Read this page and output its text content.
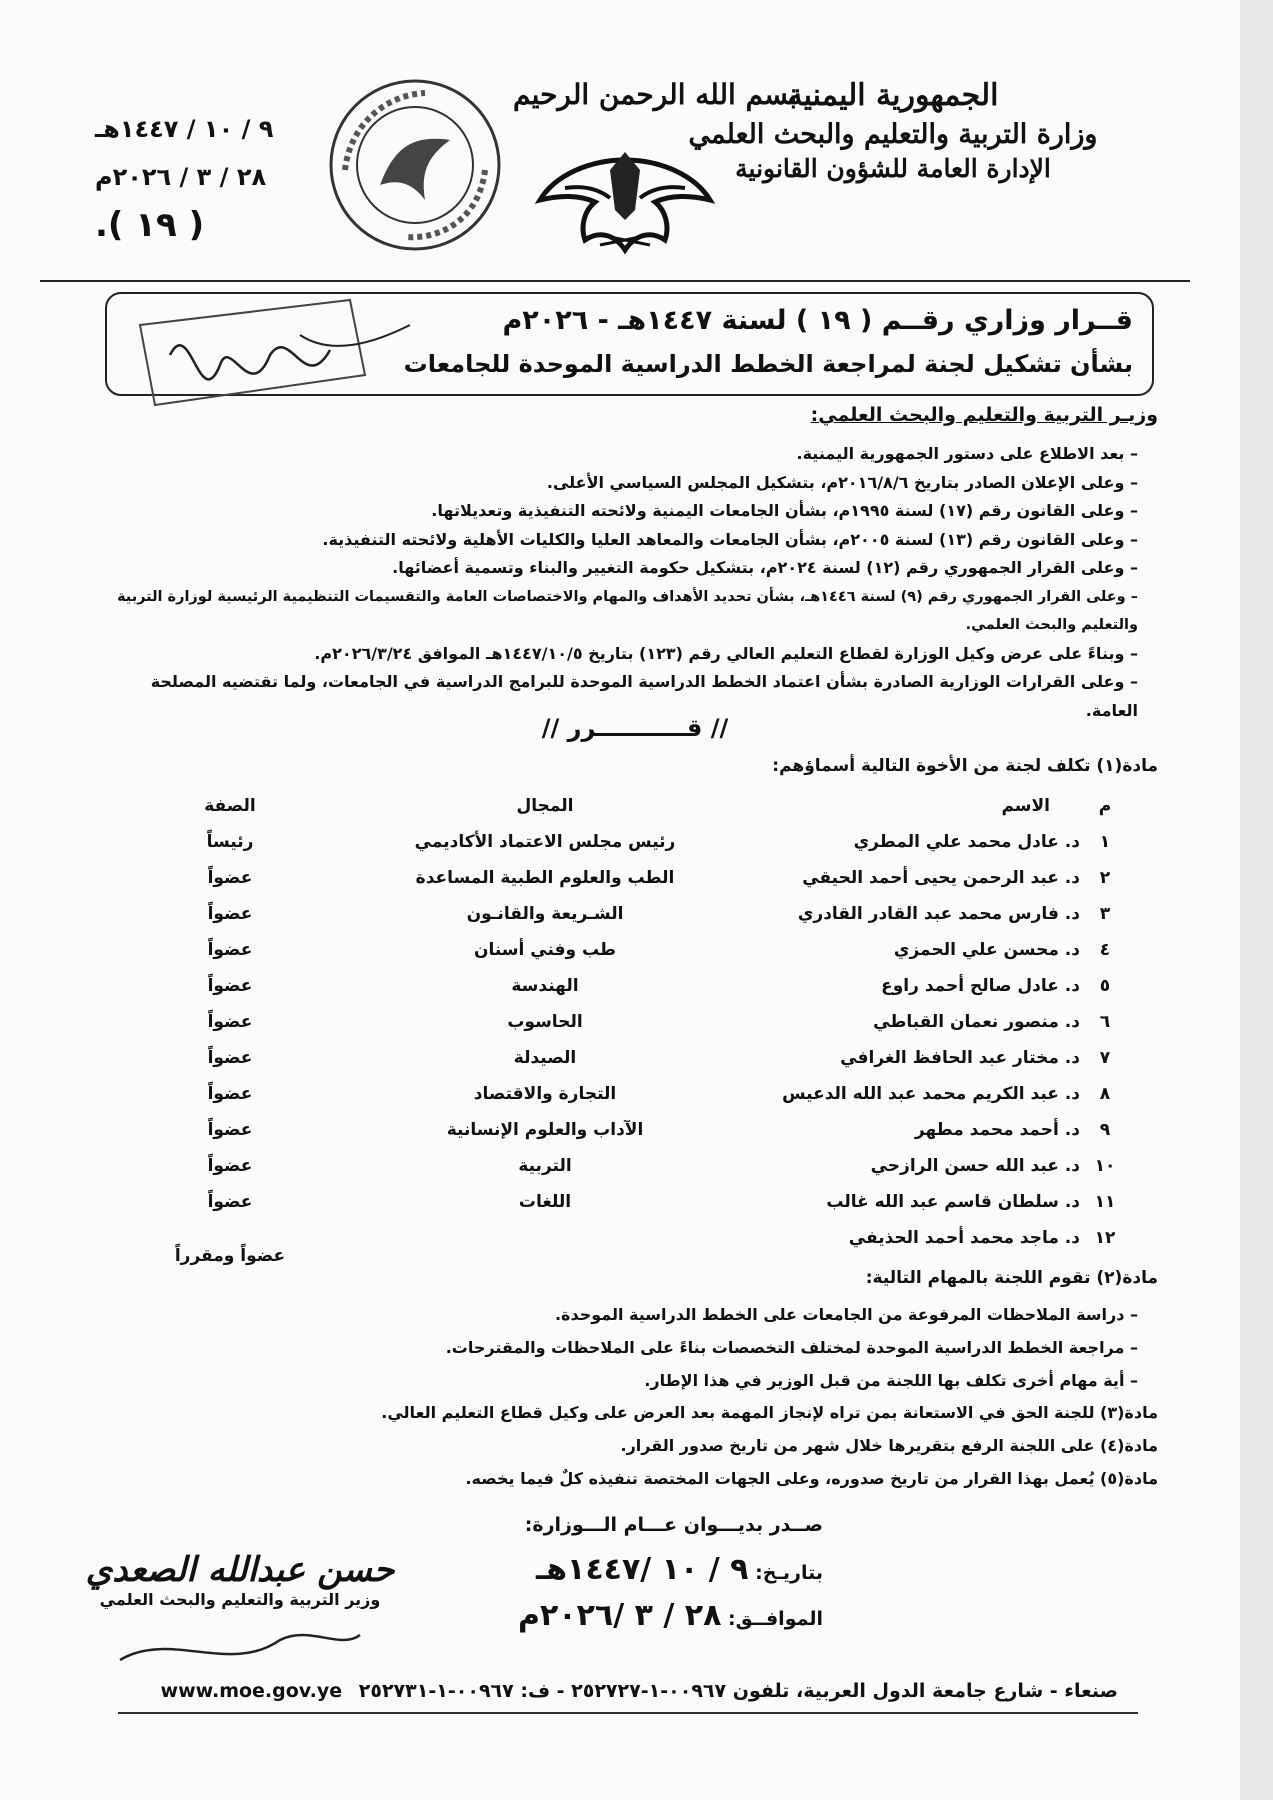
الجمهورية اليمنية
وزارة التربية والتعليم والبحث العلمي
الإدارة العامة للشؤون القانونية
بسم الله الرحمن الرحيم
٩ / ١٠ / ١٤٤٧هـ
٢٨ / ٣ / ٢٠٢٦م
( ١٩ ).
قــرار وزاري رقــم ( ١٩ ) لسنة ١٤٤٧هـ - ٢٠٢٦م
بشأن تشكيل لجنة لمراجعة الخطط الدراسية الموحدة للجامعات
وزيـر التربية والتعليم والبحث العلمي:
– بعد الاطلاع على دستور الجمهورية اليمنية.
– وعلى الإعلان الصادر بتاريخ ٢٠١٦/٨/٦م، بتشكيل المجلس السياسي الأعلى.
– وعلى القانون رقم (١٧) لسنة ١٩٩٥م، بشأن الجامعات اليمنية ولائحته التنفيذية وتعديلاتها.
– وعلى القانون رقم (١٣) لسنة ٢٠٠٥م، بشأن الجامعات والمعاهد العليا والكليات الأهلية ولائحته التنفيذية.
– وعلى القرار الجمهوري رقم (١٢) لسنة ٢٠٢٤م، بتشكيل حكومة التغيير والبناء وتسمية أعضائها.
– وعلى القرار الجمهوري رقم (٩) لسنة ١٤٤٦هـ، بشأن تحديد الأهداف والمهام والاختصاصات العامة والتقسيمات التنظيمية الرئيسية لوزارة التربية والتعليم والبحث العلمي.
– وبناءً على عرض وكيل الوزارة لقطاع التعليم العالي رقم (١٢٣) بتاريخ ١٤٤٧/١٠/٥هـ الموافق ٢٠٢٦/٣/٢٤م.
– وعلى القرارات الوزارية الصادرة بشأن اعتماد الخطط الدراسية الموحدة للبرامج الدراسية في الجامعات، ولما تقتضيه المصلحة العامة.
// قـــــــــــرر //
مادة(١) تكلف لجنة من الأخوة التالية أسماؤهم:
م
الاسم
المجال
الصفة
١
د. عادل محمد علي المطري
رئيس مجلس الاعتماد الأكاديمي
رئيساً
٢
د. عبد الرحمن يحيى أحمد الحيقي
الطب والعلوم الطبية المساعدة
عضواً
٣
د. فارس محمد عبد القادر القادري
الشـريعة والقانـون
عضواً
٤
د. محسن علي الحمزي
طب وفني أسنان
عضواً
٥
د. عادل صالح أحمد راوع
الهندسة
عضواً
٦
د. منصور نعمان القباطي
الحاسوب
عضواً
٧
د. مختار عبد الحافظ الغرافي
الصيدلة
عضواً
٨
د. عبد الكريم محمد عبد الله الدعيس
التجارة والاقتصاد
عضواً
٩
د. أحمد محمد مطهر
الآداب والعلوم الإنسانية
عضواً
١٠
د. عبد الله حسن الرازحي
التربية
عضواً
١١
د. سلطان قاسم عبد الله غالب
اللغات
عضواً
١٢
د. ماجد محمد أحمد الحذيفي
عضواً ومقرراً
مادة(٢) تقوم اللجنة بالمهام التالية:
– دراسة الملاحظات المرفوعة من الجامعات على الخطط الدراسية الموحدة.
– مراجعة الخطط الدراسية الموحدة لمختلف التخصصات بناءً على الملاحظات والمقترحات.
– أية مهام أخرى تكلف بها اللجنة من قبل الوزير في هذا الإطار.
مادة(٣) للجنة الحق في الاستعانة بمن تراه لإنجاز المهمة بعد العرض على وكيل قطاع التعليم العالي.
مادة(٤) على اللجنة الرفع بتقريرها خلال شهر من تاريخ صدور القرار.
مادة(٥) يُعمل بهذا القرار من تاريخ صدوره، وعلى الجهات المختصة تنفيذه كلٌ فيما يخصه.
صــدر بديـــوان عـــام الـــوزارة:
بتاريـخ: ٩ / ١٠ /١٤٤٧هـ
الموافــق: ٢٨ / ٣ /٢٠٢٦م
حسن عبدالله الصعدي
وزير التربية والتعليم والبحث العلمي
صنعاء - شارع جامعة الدول العربية، تلفون ٠٠٩٦٧-١-٢٥٢٧٢٧ - ف: ٠٠٩٦٧-١-٢٥٢٧٣١ www.moe.gov.ye
